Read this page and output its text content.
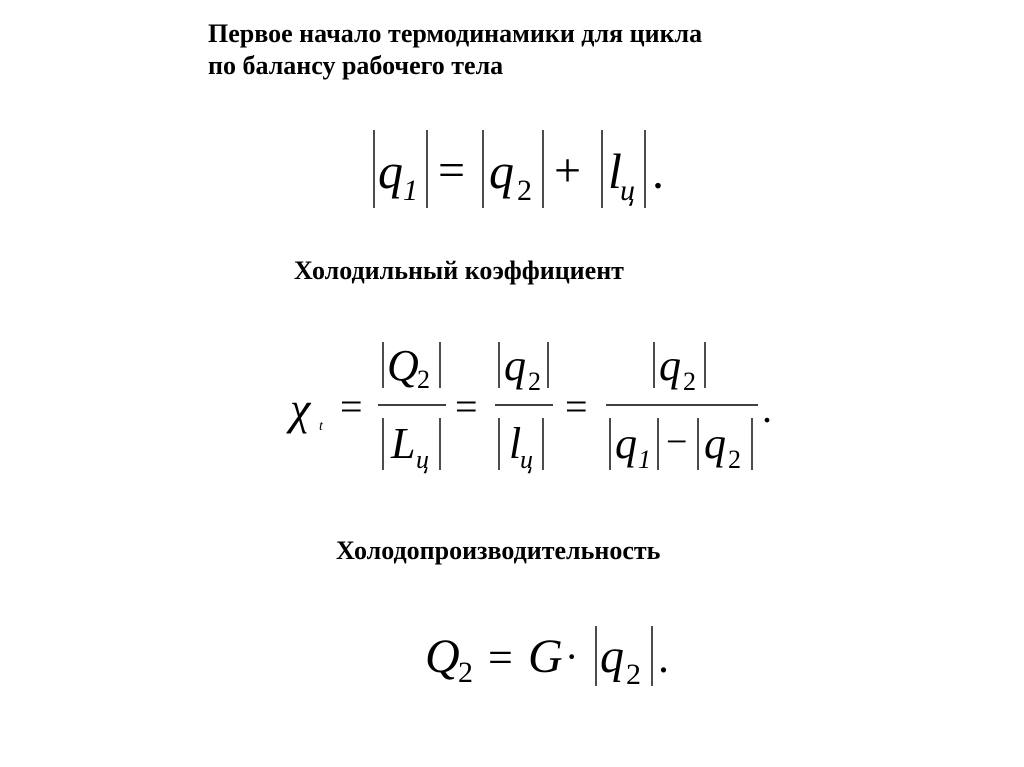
Первое начало термодинамики для цикла
по балансу рабочего тела

q 1 = q 2 + l
ц .
Холодильный коэффициент
χ t =
Q
2
L ц
=
q 2
l
ц
=
q 2
q 1 − q 2
.
Холодопроизводительность
Q
2 = G · q 2 .
